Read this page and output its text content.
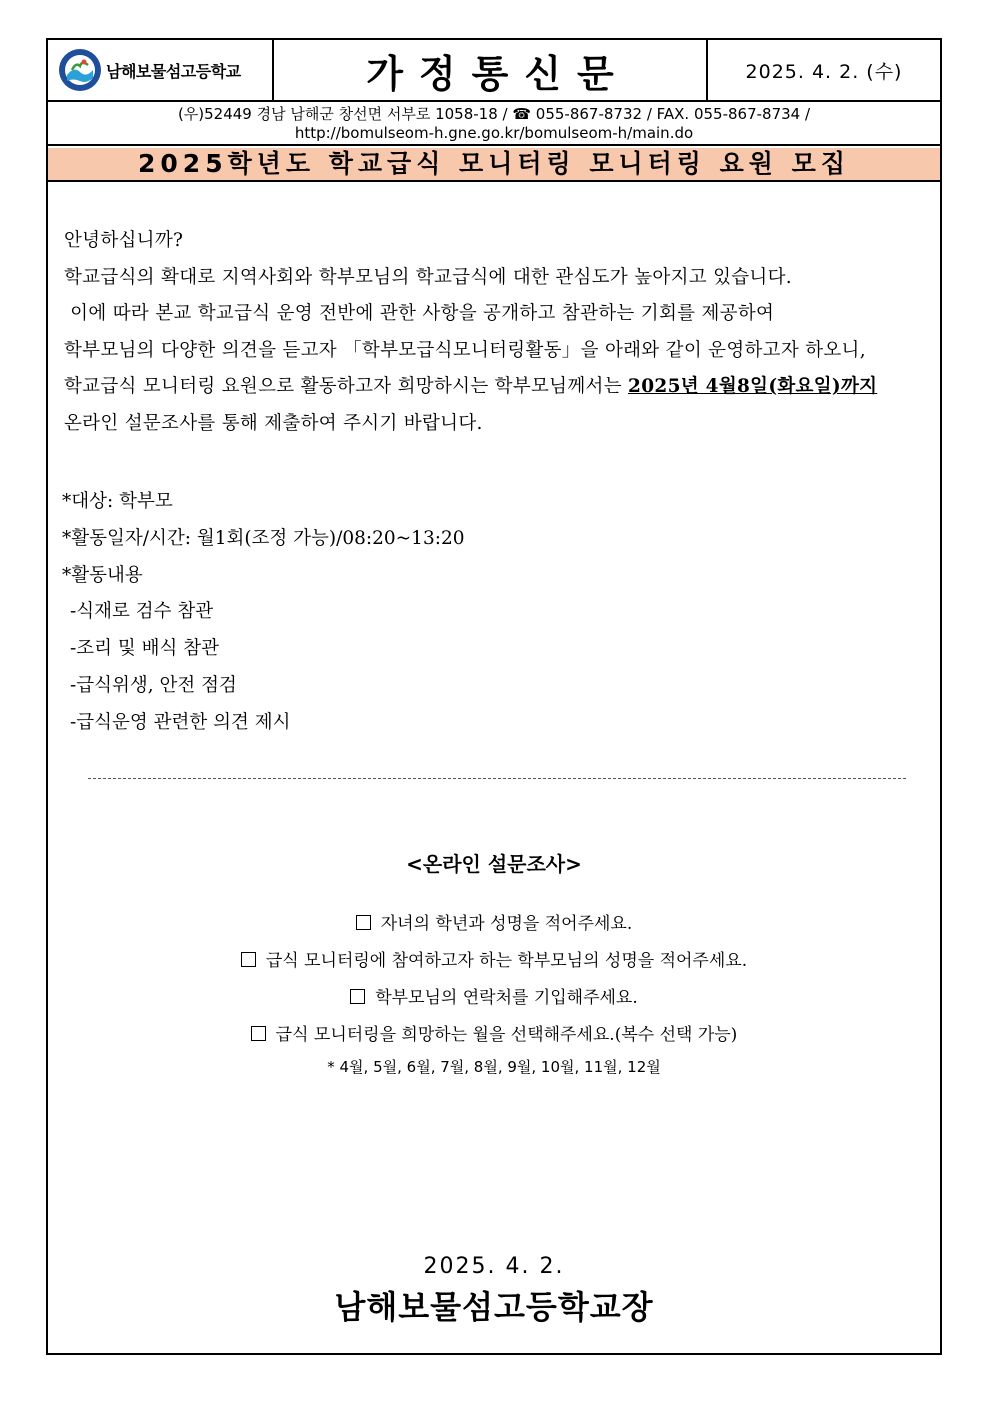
남해보물섬고등학교	가정통신문	2025. 4. 2. (수)
(우)52449 경남 남해군 창선면 서부로 1058-18 / ☎ 055-867-8732 / FAX. 055-867-8734 /
http://bomulseom-h.gne.go.kr/bomulseom-h/main.do
2025학년도 학교급식 모니터링 모니터링 요원 모집

안녕하십니까?

학교급식의 확대로 지역사회와 학부모님의 학교급식에 대한 관심도가 높아지고 있습니다.

이에 따라 본교 학교급식 운영 전반에 관한 사항을 공개하고 참관하는 기회를 제공하여

학부모님의 다양한 의견을 듣고자 「학부모급식모니터링활동」을 아래와 같이 운영하고자 하오니,

학교급식 모니터링 요원으로 활동하고자 희망하시는 학부모님께서는 2025년 4월8일(화요일)까지

온라인 설문조사를 통해 제출하여 주시기 바랍니다.

*대상: 학부모

*활동일자/시간: 월1회(조정 가능)/08:20~13:20

*활동내용

-식재로 검수 참관

-조리 및 배식 참관

-급식위생, 안전 점검

-급식운영 관련한 의견 제시

<온라인 설문조사>

자녀의 학년과 성명을 적어주세요.

급식 모니터링에 참여하고자 하는 학부모님의 성명을 적어주세요.

학부모님의 연락처를 기입해주세요.

급식 모니터링을 희망하는 월을 선택해주세요.(복수 선택 가능)

* 4월, 5월, 6월, 7월, 8월, 9월, 10월, 11월, 12월
2025. 4. 2.
남해보물섬고등학교장
